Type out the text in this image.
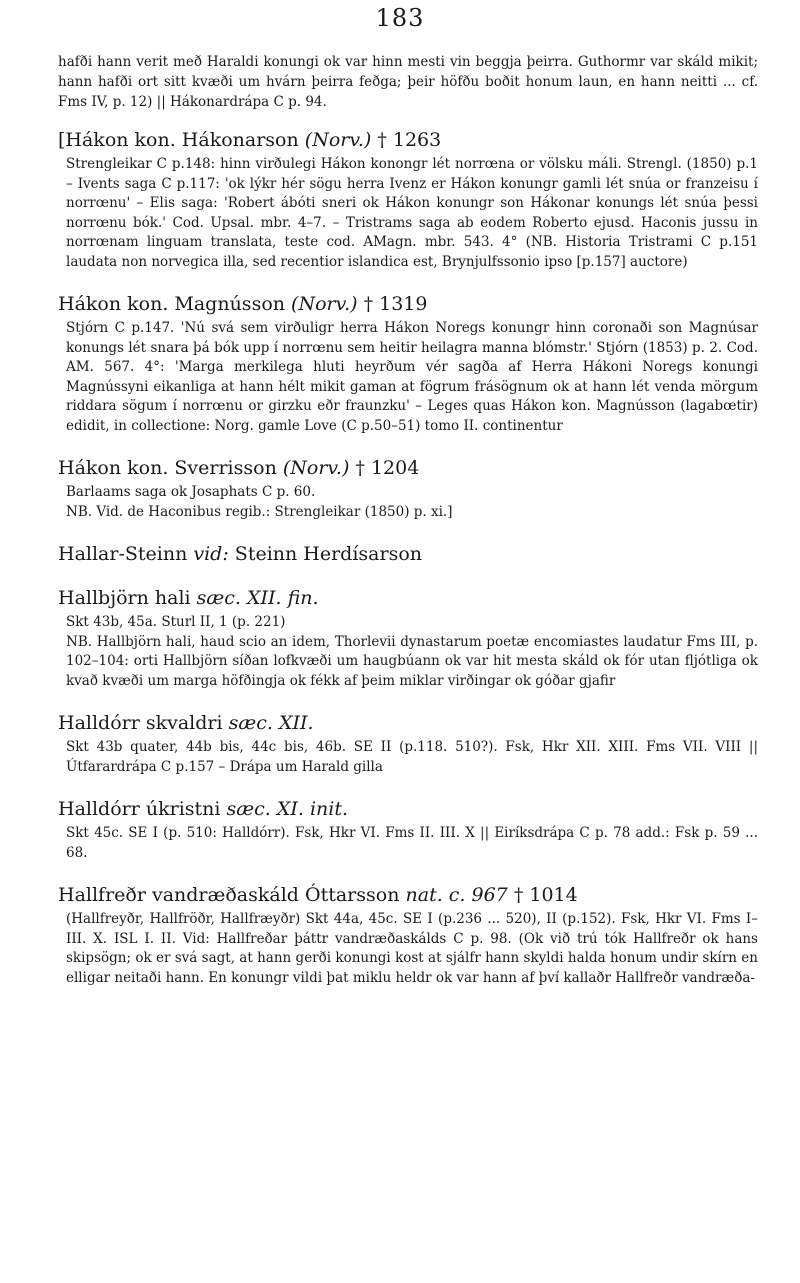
183

hafði hann verit með Haraldi konungi ok var hinn mesti vin beggja þeirra. Guthormr var skáld mikit; hann hafði ort sitt kvæði um hvárn þeirra feðga; þeir höfðu boðit honum laun, en hann neitti ... cf. Fms IV, p. 12) || Hákonardrápa C p. 94.

[Hákon kon. Hákonarson (Norv.) † 1263
Strengleikar C p.148: hinn virðulegi Hákon konongr lét norrœna or völsku máli. Strengl. (1850) p.1 – Ivents saga C p.117: 'ok lýkr hér sögu herra Ivenz er Hákon konungr gamli lét snúa or franzeisu í norrœnu' – Elis saga: 'Robert ábóti sneri ok Hákon konungr son Hákonar konungs lét snúa þessi norrœnu bók.' Cod. Upsal. mbr. 4–7. – Tristrams saga ab eodem Roberto ejusd. Haconis jussu in norrœnam linguam translata, teste cod. AMagn. mbr. 543. 4° (NB. Historia Tristrami C p.151 laudata non norvegica illa, sed recentior islandica est, Brynjulfssonio ipso [p.157] auctore)
Hákon kon. Magnússon (Norv.) † 1319
Stjórn C p.147. 'Nú svá sem virðuligr herra Hákon Noregs konungr hinn coronaði son Magnúsar konungs lét snara þá bók upp í norrœnu sem heitir heilagra manna blómstr.' Stjórn (1853) p. 2. Cod. AM. 567. 4°: 'Marga merkilega hluti heyrðum vér sagða af Herra Hákoni Noregs konungi Magnússyni eikanliga at hann hélt mikit gaman at fögrum frásögnum ok at hann lét venda mörgum riddara sögum í norrœnu or girzku eðr fraunzku' – Leges quas Hákon kon. Magnússon (lagabœtir) edidit, in collectione: Norg. gamle Love (C p.50–51) tomo II. continentur
Hákon kon. Sverrisson (Norv.) † 1204
Barlaams saga ok Josaphats C p. 60.
NB. Vid. de Haconibus regib.: Strengleikar (1850) p. xi.]
Hallar-Steinn vid: Steinn Herdísarson
Hallbjörn hali sæc. XII. fin.
Skt 43b, 45a. Sturl II, 1 (p. 221)
NB. Hallbjörn hali, haud scio an idem, Thorlevii dynastarum poetæ encomiastes laudatur Fms III, p. 102–104: orti Hallbjörn síðan lofkvæði um haugbúann ok var hit mesta skáld ok fór utan fljótliga ok kvað kvæði um marga höfðingja ok fékk af þeim miklar virðingar ok góðar gjafir
Halldórr skvaldri sæc. XII.
Skt 43b quater, 44b bis, 44c bis, 46b. SE II (p.118. 510?). Fsk, Hkr XII. XIII. Fms VII. VIII || Útfarardrápa C p.157 – Drápa um Harald gilla
Halldórr úkristni sæc. XI. init.
Skt 45c. SE I (p. 510: Halldórr). Fsk, Hkr VI. Fms II. III. X || Eiríksdrápa C p. 78 add.: Fsk p. 59 ... 68.
Hallfreðr vandræðaskáld Óttarsson nat. c. 967 † 1014
(Hallfreyðr, Hallfröðr, Hallfræyðr) Skt 44a, 45c. SE I (p.236 ... 520), II (p.152). Fsk, Hkr VI. Fms I–III. X. ISL I. II. Vid: Hallfreðar þáttr vandræðaskálds C p. 98. (Ok við trú tók Hallfreðr ok hans skipsögn; ok er svá sagt, at hann gerði konungi kost at sjálfr hann skyldi halda honum undir skírn en elligar neitaði hann. En konungr vildi þat miklu heldr ok var hann af því kallaðr Hallfreðr vandræða-
